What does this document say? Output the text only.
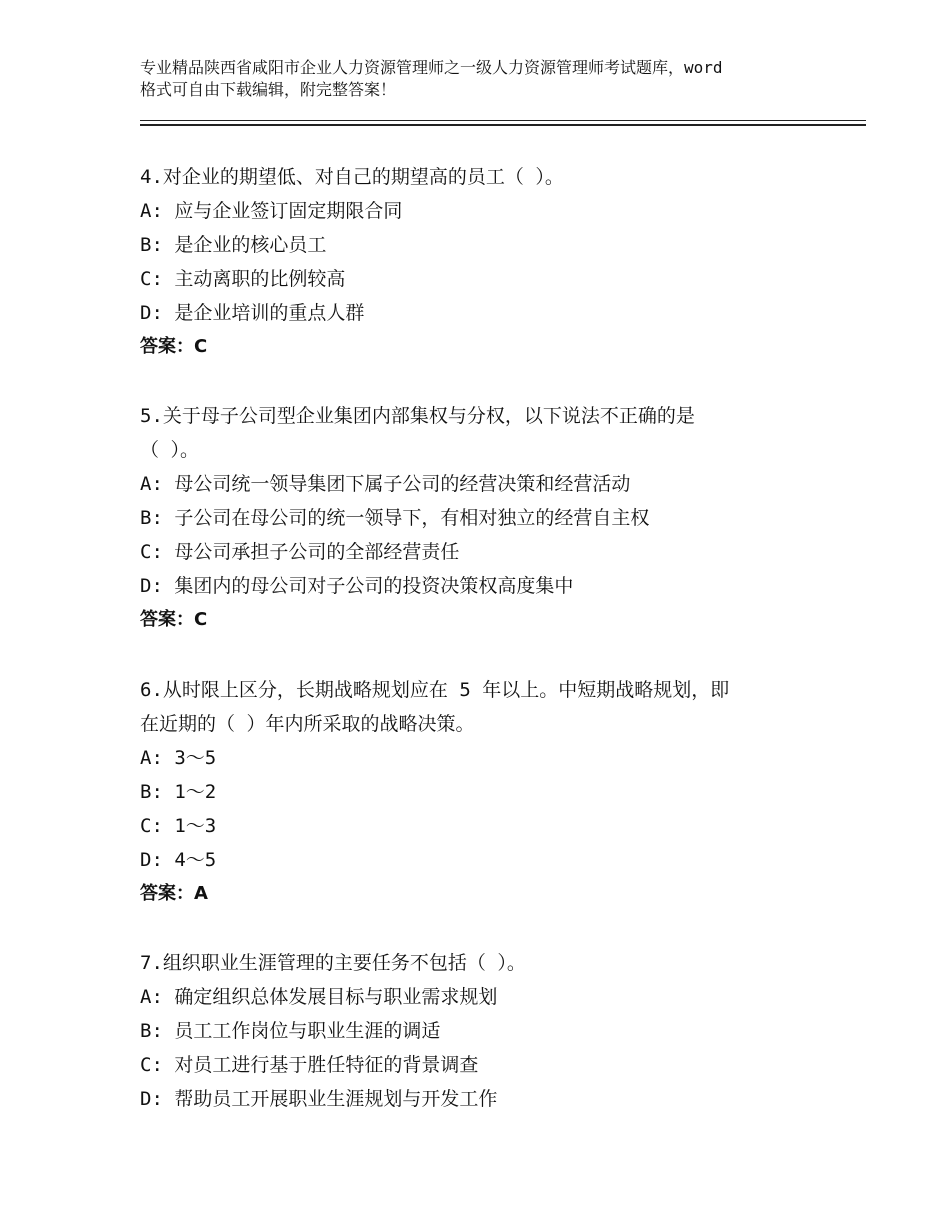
专业精品陕西省咸阳市企业人力资源管理师之一级人力资源管理师考试题库，word
格式可自由下载编辑，附完整答案！
4.对企业的期望低、对自己的期望高的员工（ ）。
A: 应与企业签订固定期限合同
B: 是企业的核心员工
C: 主动离职的比例较高
D: 是企业培训的重点人群
答案：C
5.关于母子公司型企业集团内部集权与分权，以下说法不正确的是
（ ）。
A: 母公司统一领导集团下属子公司的经营决策和经营活动
B: 子公司在母公司的统一领导下，有相对独立的经营自主权
C: 母公司承担子公司的全部经营责任
D: 集团内的母公司对子公司的投资决策权高度集中
答案：C
6.从时限上区分，长期战略规划应在 5 年以上。中短期战略规划，即
在近期的（ ）年内所采取的战略决策。
A: 3～5
B: 1～2
C: 1～3
D: 4～5
答案：A
7.组织职业生涯管理的主要任务不包括（ ）。
A: 确定组织总体发展目标与职业需求规划
B: 员工工作岗位与职业生涯的调适
C: 对员工进行基于胜任特征的背景调查
D: 帮助员工开展职业生涯规划与开发工作
